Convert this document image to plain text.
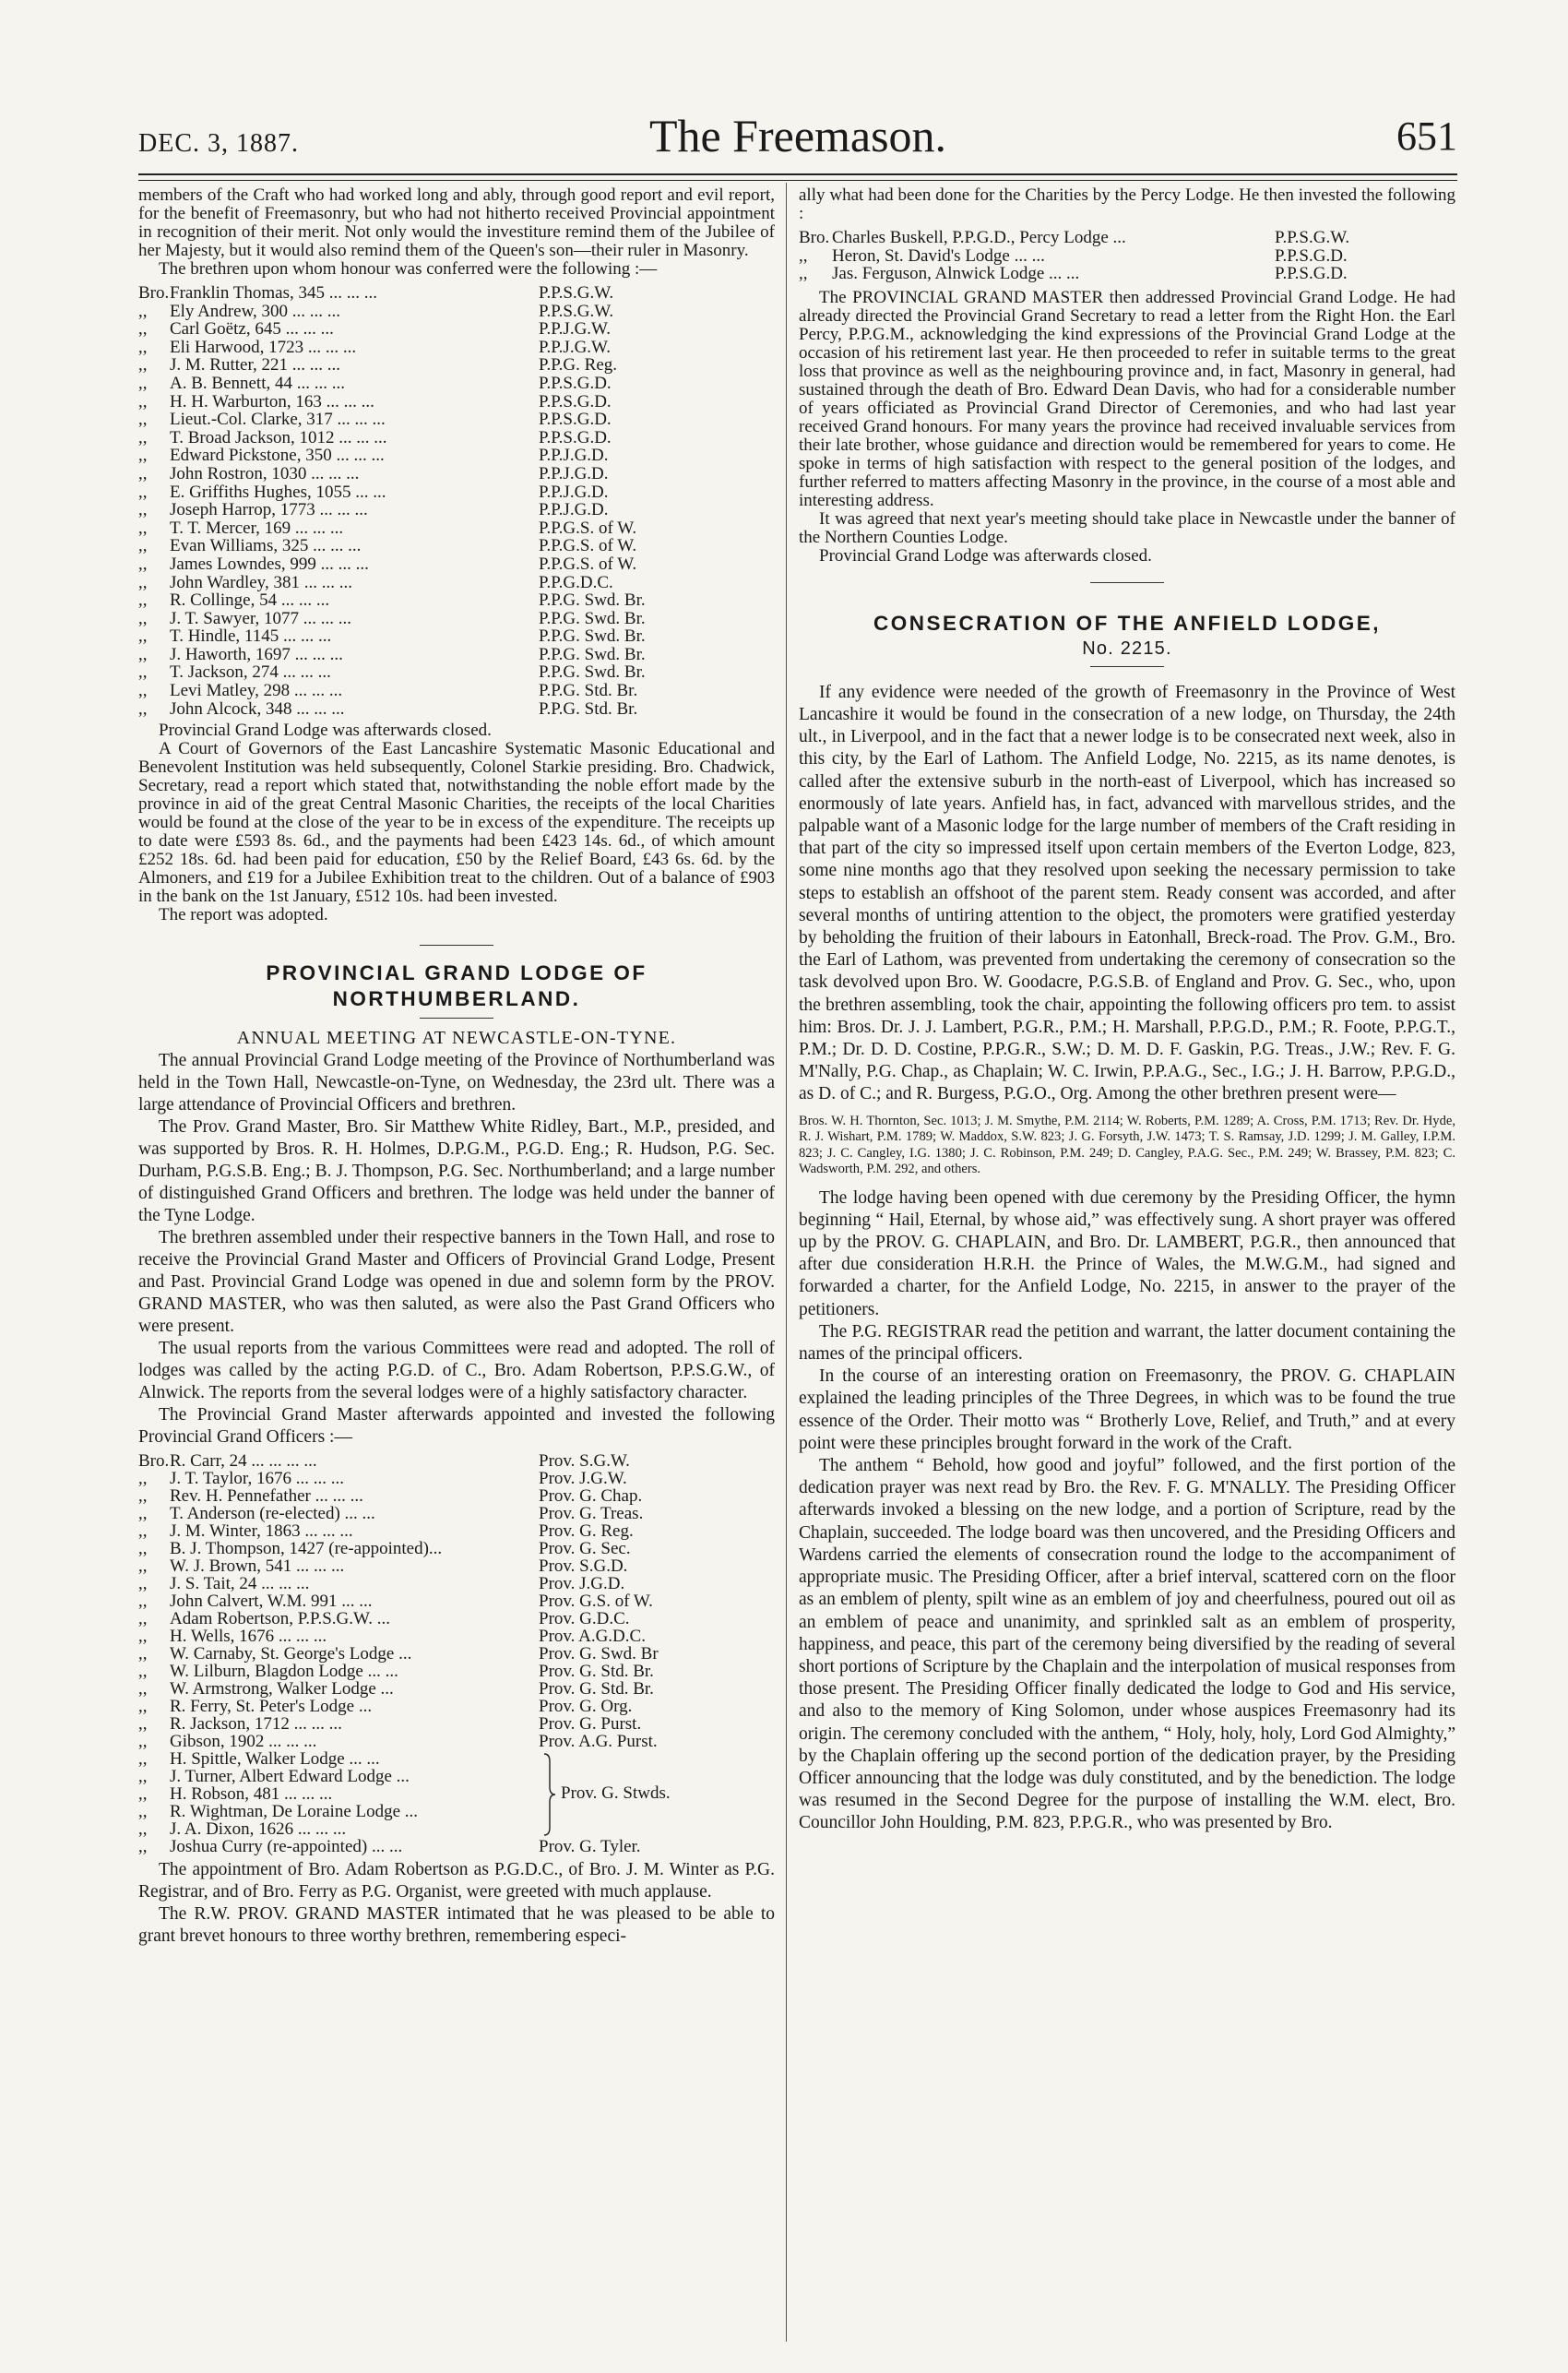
DEC. 3, 1887.	The Freemason.	651

members of the Craft who had worked long and ably, through good report and evil report, for the benefit of Freemasonry, but who had not hitherto received Provincial appointment in recognition of their merit. Not only would the investiture remind them of the Jubilee of her Majesty, but it would also remind them of the Queen's son—their ruler in Masonry.

The brethren upon whom honour was conferred were the following :—

Bro. Franklin Thomas, 345 ... ... ...	P.P.S.G.W.
,,	Ely Andrew, 300 ... ... ...	P.P.S.G.W.
,,	Carl Goëtz, 645 ... ... ...	P.P.J.G.W.
,,	Eli Harwood, 1723 ... ... ...	P.P.J.G.W.
,,	J. M. Rutter, 221 ... ... ...	P.P.G. Reg.
,,	A. B. Bennett, 44 ... ... ...	P.P.S.G.D.
,,	H. H. Warburton, 163 ... ... ...	P.P.S.G.D.
,,	Lieut.-Col. Clarke, 317 ... ... ...	P.P.S.G.D.
,,	T. Broad Jackson, 1012 ... ... ...	P.P.S.G.D.
,,	Edward Pickstone, 350 ... ... ...	P.P.J.G.D.
,,	John Rostron, 1030 ... ... ...	P.P.J.G.D.
,,	E. Griffiths Hughes, 1055 ... ...	P.P.J.G.D.
,,	Joseph Harrop, 1773 ... ... ...	P.P.J.G.D.
,,	T. T. Mercer, 169 ... ... ...	P.P.G.S. of W.
,,	Evan Williams, 325 ... ... ...	P.P.G.S. of W.
,,	James Lowndes, 999 ... ... ...	P.P.G.S. of W.
,,	John Wardley, 381 ... ... ...	P.P.G.D.C.
,,	R. Collinge, 54 ... ... ...	P.P.G. Swd. Br.
,,	J. T. Sawyer, 1077 ... ... ...	P.P.G. Swd. Br.
,,	T. Hindle, 1145 ... ... ...	P.P.G. Swd. Br.
,,	J. Haworth, 1697 ... ... ...	P.P.G. Swd. Br.
,,	T. Jackson, 274 ... ... ...	P.P.G. Swd. Br.
,,	Levi Matley, 298 ... ... ...	P.P.G. Std. Br.
,,	John Alcock, 348 ... ... ...	P.P.G. Std. Br.

Provincial Grand Lodge was afterwards closed.

A Court of Governors of the East Lancashire Systematic Masonic Educational and Benevolent Institution was held subsequently, Colonel Starkie presiding. Bro. Chadwick, Secretary, read a report which stated that, notwithstanding the noble effort made by the province in aid of the great Central Masonic Charities, the receipts of the local Charities would be found at the close of the year to be in excess of the expenditure. The receipts up to date were £593 8s. 6d., and the payments had been £423 14s. 6d., of which amount £252 18s. 6d. had been paid for education, £50 by the Relief Board, £43 6s. 6d. by the Almoners, and £19 for a Jubilee Exhibition treat to the children. Out of a balance of £903 in the bank on the 1st January, £512 10s. had been invested.

The report was adopted.

PROVINCIAL GRAND LODGE OF NORTHUMBERLAND.
ANNUAL MEETING AT NEWCASTLE-ON-TYNE.

The annual Provincial Grand Lodge meeting of the Province of Northumberland was held in the Town Hall, Newcastle-on-Tyne, on Wednesday, the 23rd ult. There was a large attendance of Provincial Officers and brethren.

The Prov. Grand Master, Bro. Sir Matthew White Ridley, Bart., M.P., presided, and was supported by Bros. R. H. Holmes, D.P.G.M., P.G.D. Eng.; R. Hudson, P.G. Sec. Durham, P.G.S.B. Eng.; B. J. Thompson, P.G. Sec. Northumberland; and a large number of distinguished Grand Officers and brethren. The lodge was held under the banner of the Tyne Lodge.

The brethren assembled under their respective banners in the Town Hall, and rose to receive the Provincial Grand Master and Officers of Provincial Grand Lodge, Present and Past. Provincial Grand Lodge was opened in due and solemn form by the PROV. GRAND MASTER, who was then saluted, as were also the Past Grand Officers who were present.

The usual reports from the various Committees were read and adopted. The roll of lodges was called by the acting P.G.D. of C., Bro. Adam Robertson, P.P.S.G.W., of Alnwick. The reports from the several lodges were of a highly satisfactory character.

The Provincial Grand Master afterwards appointed and invested the following Provincial Grand Officers :—

Bro. R. Carr, 24 ... ... ... ...	Prov. S.G.W.
,,	J. T. Taylor, 1676 ... ... ...	Prov. J.G.W.
,,	Rev. H. Pennefather ... ... ...	Prov. G. Chap.
,,	T. Anderson (re-elected) ... ...	Prov. G. Treas.
,,	J. M. Winter, 1863 ... ... ...	Prov. G. Reg.
,,	B. J. Thompson, 1427 (re-appointed)...	Prov. G. Sec.
,,	W. J. Brown, 541 ... ... ...	Prov. S.G.D.
,,	J. S. Tait, 24 ... ... ...	Prov. J.G.D.
,,	John Calvert, W.M. 991 ... ...	Prov. G.S. of W.
,,	Adam Robertson, P.P.S.G.W. ...	Prov. G.D.C.
,,	H. Wells, 1676 ... ... ...	Prov. A.G.D.C.
,,	W. Carnaby, St. George's Lodge ...	Prov. G. Swd. Br
,,	W. Lilburn, Blagdon Lodge ... ...	Prov. G. Std. Br.
,,	W. Armstrong, Walker Lodge ...	Prov. G. Std. Br.
,,	R. Ferry, St. Peter's Lodge ...	Prov. G. Org.
,,	R. Jackson, 1712 ... ... ...	Prov. G. Purst.
,,	Gibson, 1902 ... ... ...	Prov. A.G. Purst.
,,	H. Spittle, Walker Lodge ... ...
,,	J. Turner, Albert Edward Lodge ...
,,	H. Robson, 481 ... ... ...
,,	R. Wightman, De Loraine Lodge ...
,,	J. A. Dixon, 1626 ... ... ...
Prov. G. Stwds.
,,	Joshua Curry (re-appointed) ... ...	Prov. G. Tyler.

The appointment of Bro. Adam Robertson as P.G.D.C., of Bro. J. M. Winter as P.G. Registrar, and of Bro. Ferry as P.G. Organist, were greeted with much applause.

The R.W. PROV. GRAND MASTER intimated that he was pleased to be able to grant brevet honours to three worthy brethren, remembering especi-

ally what had been done for the Charities by the Percy Lodge. He then invested the following :

Bro. Charles Buskell, P.P.G.D., Percy Lodge ...	P.P.S.G.W.
,,	Heron, St. David's Lodge ... ...	P.P.S.G.D.
,,	Jas. Ferguson, Alnwick Lodge ... ...	P.P.S.G.D.

The PROVINCIAL GRAND MASTER then addressed Provincial Grand Lodge. He had already directed the Provincial Grand Secretary to read a letter from the Right Hon. the Earl Percy, P.P.G.M., acknowledging the kind expressions of the Provincial Grand Lodge at the occasion of his retirement last year. He then proceeded to refer in suitable terms to the great loss that province as well as the neighbouring province and, in fact, Masonry in general, had sustained through the death of Bro. Edward Dean Davis, who had for a considerable number of years officiated as Provincial Grand Director of Ceremonies, and who had last year received Grand honours. For many years the province had received invaluable services from their late brother, whose guidance and direction would be remembered for years to come. He spoke in terms of high satisfaction with respect to the general position of the lodges, and further referred to matters affecting Masonry in the province, in the course of a most able and interesting address.

It was agreed that next year's meeting should take place in Newcastle under the banner of the Northern Counties Lodge.

Provincial Grand Lodge was afterwards closed.

CONSECRATION OF THE ANFIELD LODGE,
No. 2215.

If any evidence were needed of the growth of Freemasonry in the Province of West Lancashire it would be found in the consecration of a new lodge, on Thursday, the 24th ult., in Liverpool, and in the fact that a newer lodge is to be consecrated next week, also in this city, by the Earl of Lathom. The Anfield Lodge, No. 2215, as its name denotes, is called after the extensive suburb in the north-east of Liverpool, which has increased so enormously of late years. Anfield has, in fact, advanced with marvellous strides, and the palpable want of a Masonic lodge for the large number of members of the Craft residing in that part of the city so impressed itself upon certain members of the Everton Lodge, 823, some nine months ago that they resolved upon seeking the necessary permission to take steps to establish an offshoot of the parent stem. Ready consent was accorded, and after several months of untiring attention to the object, the promoters were gratified yesterday by beholding the fruition of their labours in Eatonhall, Breck-road. The Prov. G.M., Bro. the Earl of Lathom, was prevented from undertaking the ceremony of consecration so the task devolved upon Bro. W. Goodacre, P.G.S.B. of England and Prov. G. Sec., who, upon the brethren assembling, took the chair, appointing the following officers pro tem. to assist him: Bros. Dr. J. J. Lambert, P.G.R., P.M.; H. Marshall, P.P.G.D., P.M.; R. Foote, P.P.G.T., P.M.; Dr. D. D. Costine, P.P.G.R., S.W.; D. M. D. F. Gaskin, P.G. Treas., J.W.; Rev. F. G. M'Nally, P.G. Chap., as Chaplain; W. C. Irwin, P.P.A.G., Sec., I.G.; J. H. Barrow, P.P.G.D., as D. of C.; and R. Burgess, P.G.O., Org. Among the other brethren present were—

Bros. W. H. Thornton, Sec. 1013; J. M. Smythe, P.M. 2114; W. Roberts, P.M. 1289; A. Cross, P.M. 1713; Rev. Dr. Hyde, R. J. Wishart, P.M. 1789; W. Maddox, S.W. 823; J. G. Forsyth, J.W. 1473; T. S. Ramsay, J.D. 1299; J. M. Galley, I.P.M. 823; J. C. Cangley, I.G. 1380; J. C. Robinson, P.M. 249; D. Cangley, P.A.G. Sec., P.M. 249; W. Brassey, P.M. 823; C. Wadsworth, P.M. 292, and others.

The lodge having been opened with due ceremony by the Presiding Officer, the hymn beginning “ Hail, Eternal, by whose aid,” was effectively sung. A short prayer was offered up by the PROV. G. CHAPLAIN, and Bro. Dr. LAMBERT, P.G.R., then announced that after due consideration H.R.H. the Prince of Wales, the M.W.G.M., had signed and forwarded a charter, for the Anfield Lodge, No. 2215, in answer to the prayer of the petitioners.

The P.G. REGISTRAR read the petition and warrant, the latter document containing the names of the principal officers.

In the course of an interesting oration on Freemasonry, the PROV. G. CHAPLAIN explained the leading principles of the Three Degrees, in which was to be found the true essence of the Order. Their motto was “ Brotherly Love, Relief, and Truth,” and at every point were these principles brought forward in the work of the Craft.

The anthem “ Behold, how good and joyful” followed, and the first portion of the dedication prayer was next read by Bro. the Rev. F. G. M'NALLY. The Presiding Officer afterwards invoked a blessing on the new lodge, and a portion of Scripture, read by the Chaplain, succeeded. The lodge board was then uncovered, and the Presiding Officers and Wardens carried the elements of consecration round the lodge to the accompaniment of appropriate music. The Presiding Officer, after a brief interval, scattered corn on the floor as an emblem of plenty, spilt wine as an emblem of joy and cheerfulness, poured out oil as an emblem of peace and unanimity, and sprinkled salt as an emblem of prosperity, happiness, and peace, this part of the ceremony being diversified by the reading of several short portions of Scripture by the Chaplain and the interpolation of musical responses from those present. The Presiding Officer finally dedicated the lodge to God and His service, and also to the memory of King Solomon, under whose auspices Freemasonry had its origin. The ceremony concluded with the anthem, “ Holy, holy, holy, Lord God Almighty,” by the Chaplain offering up the second portion of the dedication prayer, by the Presiding Officer announcing that the lodge was duly constituted, and by the benediction. The lodge was resumed in the Second Degree for the purpose of installing the W.M. elect, Bro. Councillor John Houlding, P.M. 823, P.P.G.R., who was presented by Bro.
